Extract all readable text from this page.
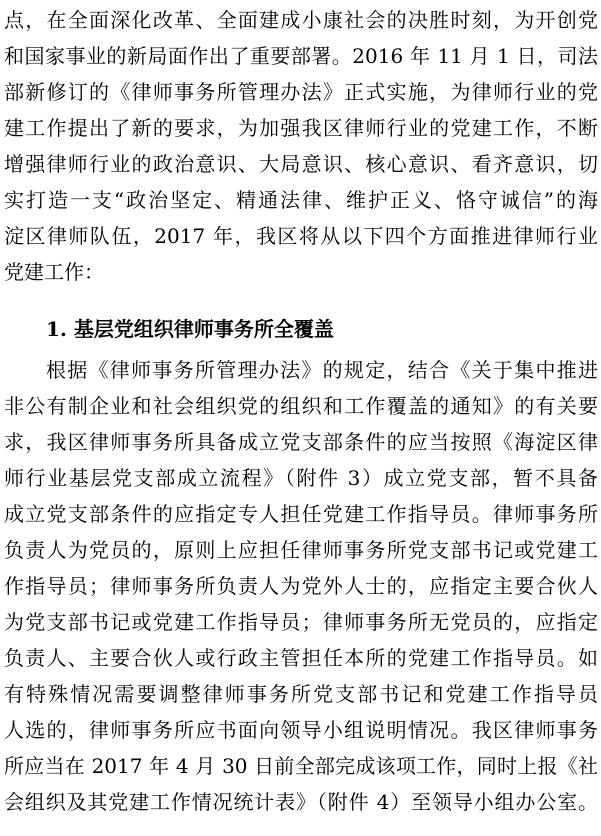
点，在全面深化改革、全面建成小康社会的决胜时刻，为开创党
和国家事业的新局面作出了重要部署。2016 年 11 月 1 日，司法
部新修订的《律师事务所管理办法》正式实施，为律师行业的党
建工作提出了新的要求，为加强我区律师行业的党建工作，不断
增强律师行业的政治意识、大局意识、核心意识、看齐意识，切
实打造一支“政治坚定、精通法律、维护正义、恪守诚信”的海
淀区律师队伍，2017 年，我区将从以下四个方面推进律师行业
党建工作：
1. 基层党组织律师事务所全覆盖
根据《律师事务所管理办法》的规定，结合《关于集中推进
非公有制企业和社会组织党的组织和工作覆盖的通知》的有关要
求，我区律师事务所具备成立党支部条件的应当按照《海淀区律
师行业基层党支部成立流程》（附件 3）成立党支部，暂不具备
成立党支部条件的应指定专人担任党建工作指导员。律师事务所
负责人为党员的，原则上应担任律师事务所党支部书记或党建工
作指导员；律师事务所负责人为党外人士的，应指定主要合伙人
为党支部书记或党建工作指导员；律师事务所无党员的，应指定
负责人、主要合伙人或行政主管担任本所的党建工作指导员。如
有特殊情况需要调整律师事务所党支部书记和党建工作指导员
人选的，律师事务所应书面向领导小组说明情况。我区律师事务
所应当在 2017 年 4 月 30 日前全部完成该项工作，同时上报《社
会组织及其党建工作情况统计表》（附件 4）至领导小组办公室。
